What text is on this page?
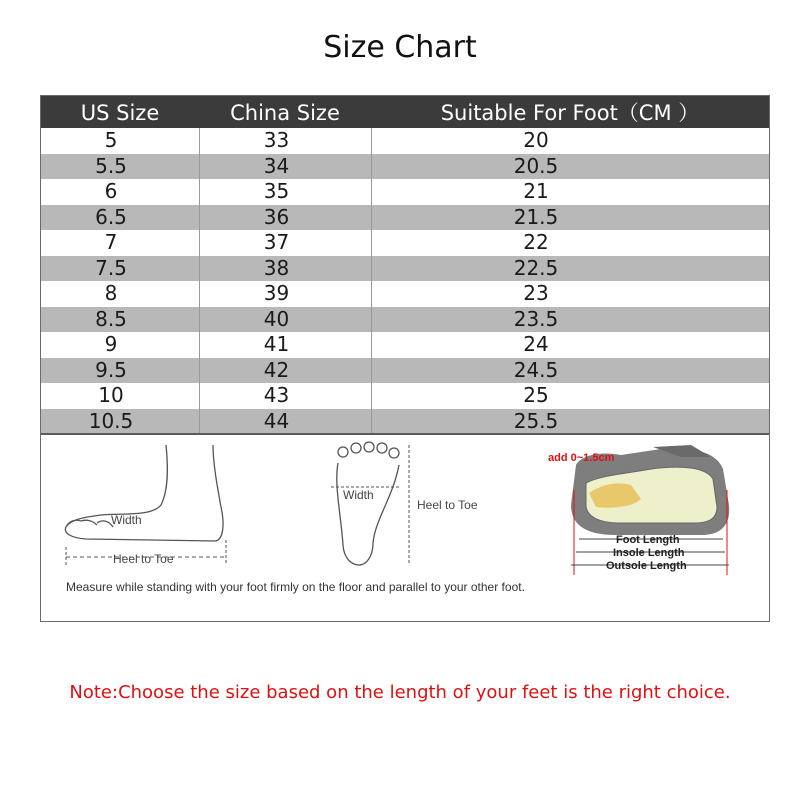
Size Chart
US Size	China Size	Suitable For Foot（CM ）
5	33	20
5.5	34	20.5
6	35	21
6.5	36	21.5
7	37	22
7.5	38	22.5
8	39	23
8.5	40	23.5
9	41	24
9.5	42	24.5
10	43	25
10.5	44	25.5
Width
Heel to Toe
Width
Heel to Toe
add 0~1.5cm
Foot Length
Insole Length
Outsole Length
Measure while standing with your foot firmly on the floor and parallel to your other foot.
Note:Choose the size based on the length of your feet is the right choice.
